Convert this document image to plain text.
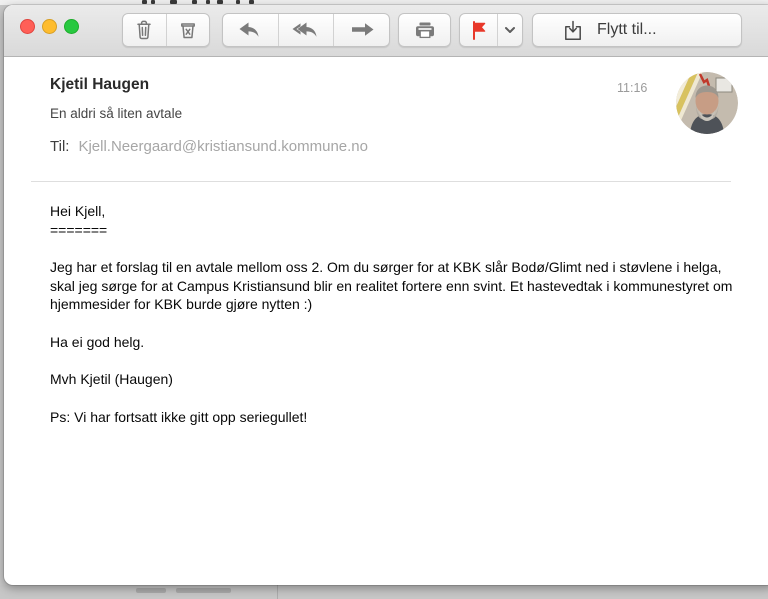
Flytt til...
Kjetil Haugen	11:16
En aldri så liten avtale
Til: Kjell.Neergaard@kristiansund.kommune.no

Hei Kjell,

=======

Jeg har et forslag til en avtale mellom oss 2. Om du sørger for at KBK slår Bodø/Glimt ned i støvlene i helga, skal jeg sørge for at Campus Kristiansund blir en realitet fortere enn svint. Et hastevedtak i kommunestyret om hjemmesider for KBK burde gjøre nytten :)

Ha ei god helg.

Mvh Kjetil (Haugen)

Ps: Vi har fortsatt ikke gitt opp seriegullet!
